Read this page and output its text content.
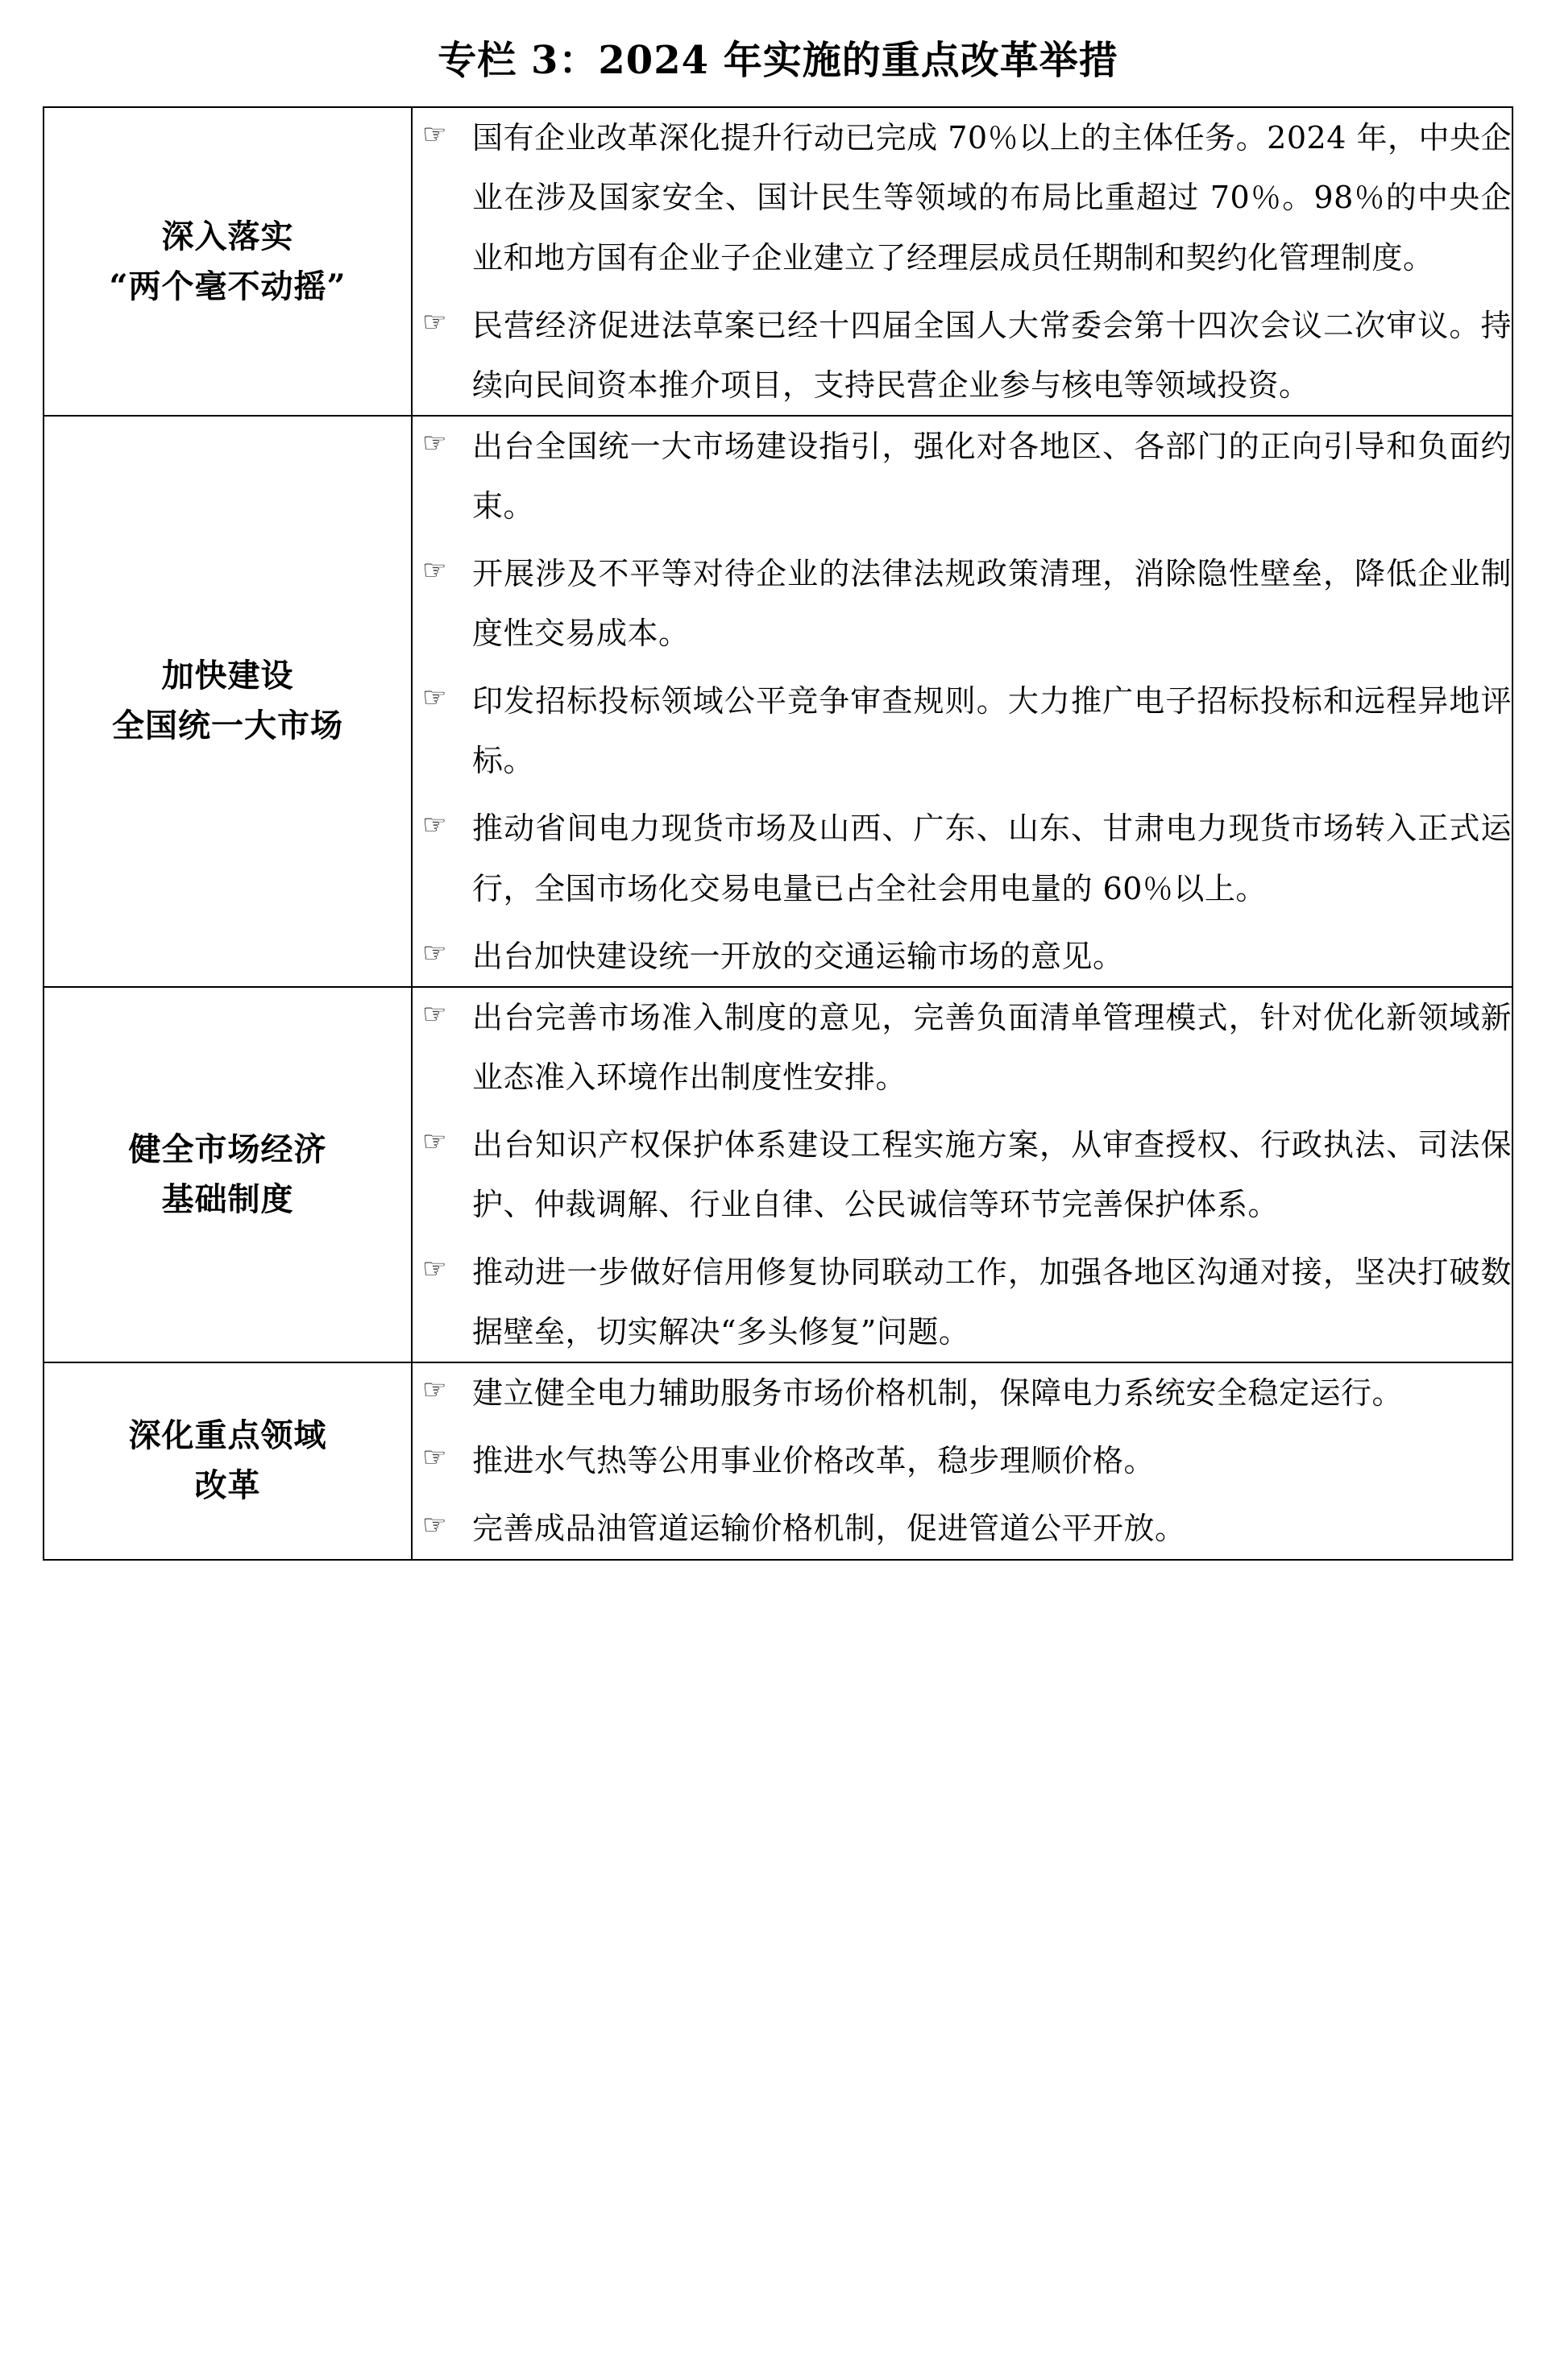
专栏 3：2024 年实施的重点改革举措
深入落实
“两个毫不动摇”

☞ 国有企业改革深化提升行动已完成 70％以上的主体任务。2024 年，中央企业在涉及国家安全、国计民生等领域的布局比重超过 70％。98％的中央企业和地方国有企业子企业建立了经理层成员任期制和契约化管理制度。
☞ 民营经济促进法草案已经十四届全国人大常委会第十四次会议二次审议。持续向民间资本推介项目，支持民营企业参与核电等领域投资。

加快建设
全国统一大市场

☞ 出台全国统一大市场建设指引，强化对各地区、各部门的正向引导和负面约束。
☞ 开展涉及不平等对待企业的法律法规政策清理，消除隐性壁垒，降低企业制度性交易成本。
☞ 印发招标投标领域公平竞争审查规则。大力推广电子招标投标和远程异地评标。
☞ 推动省间电力现货市场及山西、广东、山东、甘肃电力现货市场转入正式运行，全国市场化交易电量已占全社会用电量的 60％以上。
☞ 出台加快建设统一开放的交通运输市场的意见。

健全市场经济
基础制度

☞ 出台完善市场准入制度的意见，完善负面清单管理模式，针对优化新领域新业态准入环境作出制度性安排。
☞ 出台知识产权保护体系建设工程实施方案，从审查授权、行政执法、司法保护、仲裁调解、行业自律、公民诚信等环节完善保护体系。
☞ 推动进一步做好信用修复协同联动工作，加强各地区沟通对接，坚决打破数据壁垒，切实解决“多头修复”问题。

深化重点领域
改革

☞ 建立健全电力辅助服务市场价格机制，保障电力系统安全稳定运行。
☞ 推进水气热等公用事业价格改革，稳步理顺价格。
☞ 完善成品油管道运输价格机制，促进管道公平开放。
